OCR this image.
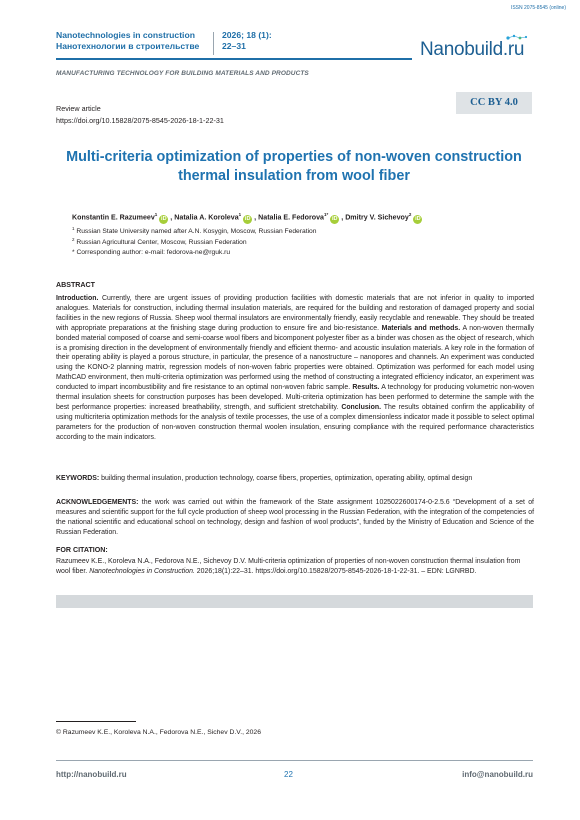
ISSN 2075-8545 (online)
Nanotechnologies in construction
Нанотехнологии в строительстве
2026; 18 (1):
22–31	Nanobuild.ru
MANUFACTURING TECHNOLOGY FOR BUILDING MATERIALS AND PRODUCTS
Review article
https://doi.org/10.15828/2075-8545-2026-18-1-22-31
CC BY 4.0
Multi-criteria optimization of properties of non-woven construction thermal insulation from wool fiber
Konstantin E. Razumeev$^1$iD , Natalia A. Koroleva$^1$iD , Natalia E. Fedorova$^{1*}$iD , Dmitry V. Sichevoy$^2$iD
$^1$ Russian State University named after A.N. Kosygin, Moscow, Russian Federation
$^2$ Russian Agricultural Center, Moscow, Russian Federation
* Corresponding author: e-mail: fedorova-ne@rguk.ru
ABSTRACT
Introduction. Currently, there are urgent issues of providing production facilities with domestic materials that are not inferior in quality to imported analogues. Materials for construction, including thermal insulation materials, are required for the building and restoration of damaged property and social facilities in the new regions of Russia. Sheep wool thermal insulators are environmentally friendly, easily recyclable and renewable. They should be treated with appropriate preparations at the finishing stage during production to ensure fire and bio-resistance. Materials and methods. A non-woven thermally bonded material composed of coarse and semi-coarse wool fibers and bicomponent polyester fiber as a binder was chosen as the object of research, which is a promising direction in the development of environmentally friendly and efficient thermo- and acoustic insulation materials. A key role in the formation of their operating ability is played a porous structure, in particular, the presence of a nanostructure – nanopores and channels. An experiment was conducted using the KONO-2 planning matrix, regression models of non-woven fabric properties were obtained. Optimization was performed for each model using MathCAD environment, then multi-criteria optimization was performed using the method of constructing a integrated efficiency indicator, an experiment was conducted to impart incombustibility and fire resistance to an optimal non-woven fabric sample. Results. A technology for producing volumetric non-woven thermal insulation sheets for construction purposes has been developed. Multi-criteria optimization has been performed to determine the sample with the best performance properties: increased breathability, strength, and sufficient stretchability. Conclusion. The results obtained confirm the applicability of using multicriteria optimization methods for the analysis of textile processes, the use of a complex dimensionless indicator made it possible to select optimal parameters for the production of non-woven construction thermal woolen insulation, ensuring compliance with the required performance characteristics according to the main indicators.
KEYWORDS: building thermal insulation, production technology, coarse fibers, properties, optimization, operating ability, optimal design
ACKNOWLEDGEMENTS: the work was carried out within the framework of the State assignment 1025022600174-0-2.5.6 “Development of a set of measures and scientific support for the full cycle production of sheep wool processing in the Russian Federation, with the integration of the competencies of the national scientific and educational school on technology, design and fashion of wool products”, funded by the Ministry of Education and Science of the Russian Federation.
FOR CITATION:
Razumeev K.E., Koroleva N.A., Fedorova N.E., Sichevoy D.V. Multi-criteria optimization of properties of non-woven construction thermal insulation from wool fiber. Nanotechnologies in Construction. 2026;18(1):22–31. https://doi.org/10.15828/2075-8545-2026-18-1-22-31. – EDN: LGNRBD.
© Razumeev K.E., Koroleva N.A., Fedorova N.E., Sichev D.V., 2026
http://nanobuild.ru	22	info@nanobuild.ru
